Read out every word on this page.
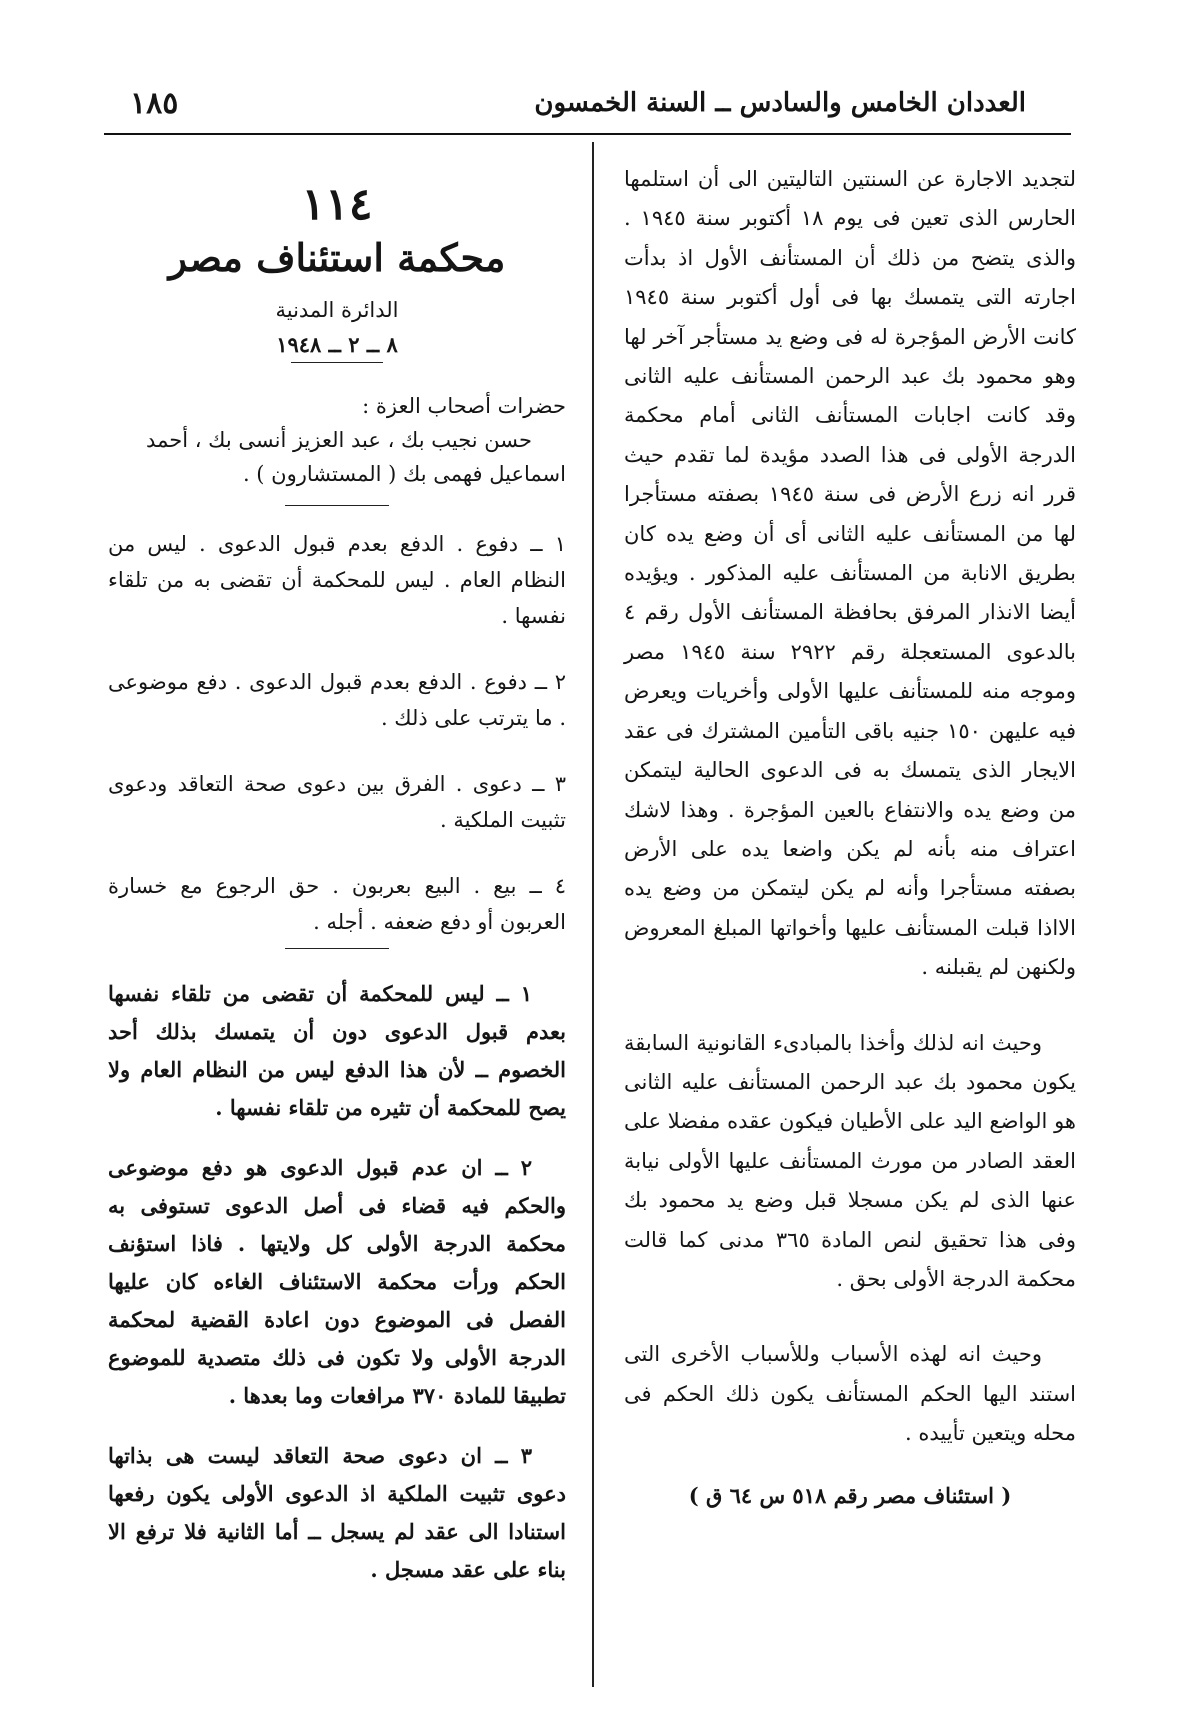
١٨٥	العددان الخامس والسادس ــ السنة الخمسون

لتجديد الاجارة عن السنتين التاليتين الى أن استلمها الحارس الذى تعين فى يوم ١٨ أكتوبر سنة ١٩٤٥ . والذى يتضح من ذلك أن المستأنف الأول اذ بدأت اجارته التى يتمسك بها فى أول أكتوبر سنة ١٩٤٥ كانت الأرض المؤجرة له فى وضع يد مستأجر آخر لها وهو محمود بك عبد الرحمن المستأنف عليه الثانى وقد كانت اجابات المستأنف الثانى أمام محكمة الدرجة الأولى فى هذا الصدد مؤيدة لما تقدم حيث قرر انه زرع الأرض فى سنة ١٩٤٥ بصفته مستأجرا لها من المستأنف عليه الثانى أى أن وضع يده كان بطريق الانابة من المستأنف عليه المذكور . ويؤيده أيضا الانذار المرفق بحافظة المستأنف الأول رقم ٤ بالدعوى المستعجلة رقم ٢٩٢٢ سنة ١٩٤٥ مصر وموجه منه للمستأنف عليها الأولى وأخريات ويعرض فيه عليهن ١٥٠ جنيه باقى التأمين المشترك فى عقد الايجار الذى يتمسك به فى الدعوى الحالية ليتمكن من وضع يده والانتفاع بالعين المؤجرة . وهذا لاشك اعتراف منه بأنه لم يكن واضعا يده على الأرض بصفته مستأجرا وأنه لم يكن ليتمكن من وضع يده الااذا قبلت المستأنف عليها وأخواتها المبلغ المعروض ولكنهن لم يقبلنه .

وحيث انه لذلك وأخذا بالمبادىء القانونية السابقة يكون محمود بك عبد الرحمن المستأنف عليه الثانى هو الواضع اليد على الأطيان فيكون عقده مفضلا على العقد الصادر من مورث المستأنف عليها الأولى نيابة عنها الذى لم يكن مسجلا قبل وضع يد محمود بك وفى هذا تحقيق لنص المادة ٣٦٥ مدنى كما قالت محكمة الدرجة الأولى بحق .

وحيث انه لهذه الأسباب وللأسباب الأخرى التى استند اليها الحكم المستأنف يكون ذلك الحكم فى محله ويتعين تأييده .

( استئناف مصر رقم ٥١٨ س ٦٤ ق )

١١٤
محكمة استئناف مصر
الدائرة المدنية
٨ ــ ٢ ــ ١٩٤٨

حضرات أصحاب العزة :

حسن نجيب بك ، عبد العزيز أنسى بك ، أحمد

اسماعيل فهمى بك ( المستشارون ) .

١ ــ دفوع . الدفع بعدم قبول الدعوى . ليس من النظام العام . ليس للمحكمة أن تقضى به من تلقاء نفسها .

٢ ــ دفوع . الدفع بعدم قبول الدعوى . دفع موضوعى . ما يترتب على ذلك .

٣ ــ دعوى . الفرق بين دعوى صحة التعاقد ودعوى تثبيت الملكية .

٤ ــ بيع . البيع بعربون . حق الرجوع مع خسارة العربون أو دفع ضعفه . أجله .

١ ــ ليس للمحكمة أن تقضى من تلقاء نفسها بعدم قبول الدعوى دون أن يتمسك بذلك أحد الخصوم ــ لأن هذا الدفع ليس من النظام العام ولا يصح للمحكمة أن تثيره من تلقاء نفسها .

٢ ــ ان عدم قبول الدعوى هو دفع موضوعى والحكم فيه قضاء فى أصل الدعوى تستوفى به محكمة الدرجة الأولى كل ولايتها . فاذا استؤنف الحكم ورأت محكمة الاستئناف الغاءه كان عليها الفصل فى الموضوع دون اعادة القضية لمحكمة الدرجة الأولى ولا تكون فى ذلك متصدية للموضوع تطبيقا للمادة ٣٧٠ مرافعات وما بعدها .

٣ ــ ان دعوى صحة التعاقد ليست هى بذاتها دعوى تثبيت الملكية اذ الدعوى الأولى يكون رفعها استنادا الى عقد لم يسجل ــ أما الثانية فلا ترفع الا بناء على عقد مسجل .
